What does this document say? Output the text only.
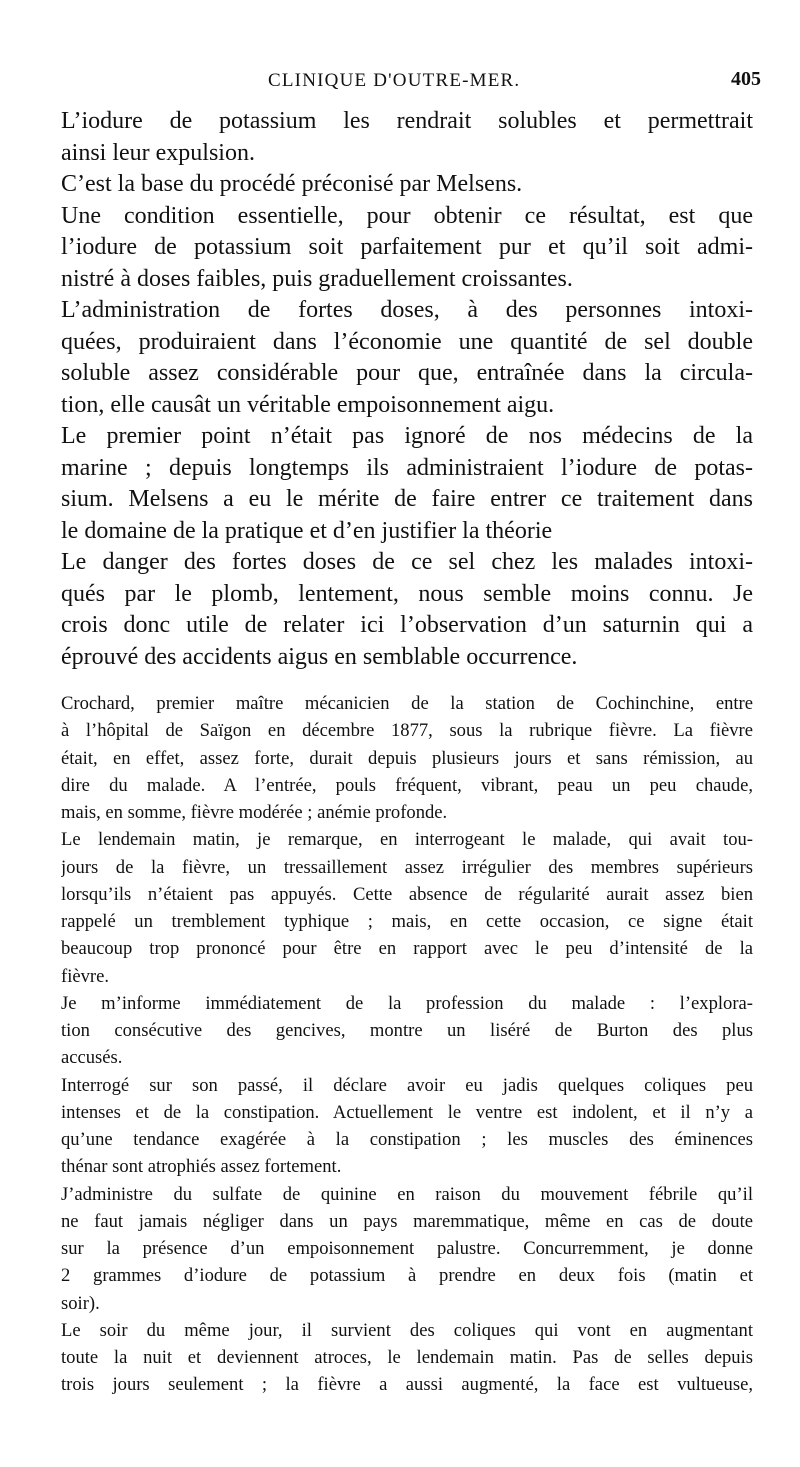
CLINIQUE D'OUTRE-MER.	405
L’iodure de potassium les rendrait solubles et permettrait
ainsi leur expulsion.
C’est la base du procédé préconisé par Melsens.
Une condition essentielle, pour obtenir ce résultat, est que
l’iodure de potassium soit parfaitement pur et qu’il soit admi-
nistré à doses faibles, puis graduellement croissantes.
L’administration de fortes doses, à des personnes intoxi-
quées, produiraient dans l’économie une quantité de sel double
soluble assez considérable pour que, entraînée dans la circula-
tion, elle causât un véritable empoisonnement aigu.
Le premier point n’était pas ignoré de nos médecins de la
marine ; depuis longtemps ils administraient l’iodure de potas-
sium. Melsens a eu le mérite de faire entrer ce traitement dans
le domaine de la pratique et d’en justifier la théorie
Le danger des fortes doses de ce sel chez les malades intoxi-
qués par le plomb, lentement, nous semble moins connu. Je
crois donc utile de relater ici l’observation d’un saturnin qui a
éprouvé des accidents aigus en semblable occurrence.
Crochard, premier maître mécanicien de la station de Cochinchine, entre
à l’hôpital de Saïgon en décembre 1877, sous la rubrique fièvre. La fièvre
était, en effet, assez forte, durait depuis plusieurs jours et sans rémission, au
dire du malade. A l’entrée, pouls fréquent, vibrant, peau un peu chaude,
mais, en somme, fièvre modérée ; anémie profonde.
Le lendemain matin, je remarque, en interrogeant le malade, qui avait tou-
jours de la fièvre, un tressaillement assez irrégulier des membres supérieurs
lorsqu’ils n’étaient pas appuyés. Cette absence de régularité aurait assez bien
rappelé un tremblement typhique ; mais, en cette occasion, ce signe était
beaucoup trop prononcé pour être en rapport avec le peu d’intensité de la
fièvre.
Je m’informe immédiatement de la profession du malade : l’explora-
tion consécutive des gencives, montre un liséré de Burton des plus
accusés.
Interrogé sur son passé, il déclare avoir eu jadis quelques coliques peu
intenses et de la constipation. Actuellement le ventre est indolent, et il n’y a
qu’une tendance exagérée à la constipation ; les muscles des éminences
thénar sont atrophiés assez fortement.
J’administre du sulfate de quinine en raison du mouvement fébrile qu’il
ne faut jamais négliger dans un pays maremmatique, même en cas de doute
sur la présence d’un empoisonnement palustre. Concurremment, je donne
2 grammes d’iodure de potassium à prendre en deux fois (matin et
soir).
Le soir du même jour, il survient des coliques qui vont en augmentant
toute la nuit et deviennent atroces, le lendemain matin. Pas de selles depuis
trois jours seulement ; la fièvre a aussi augmenté, la face est vultueuse,
